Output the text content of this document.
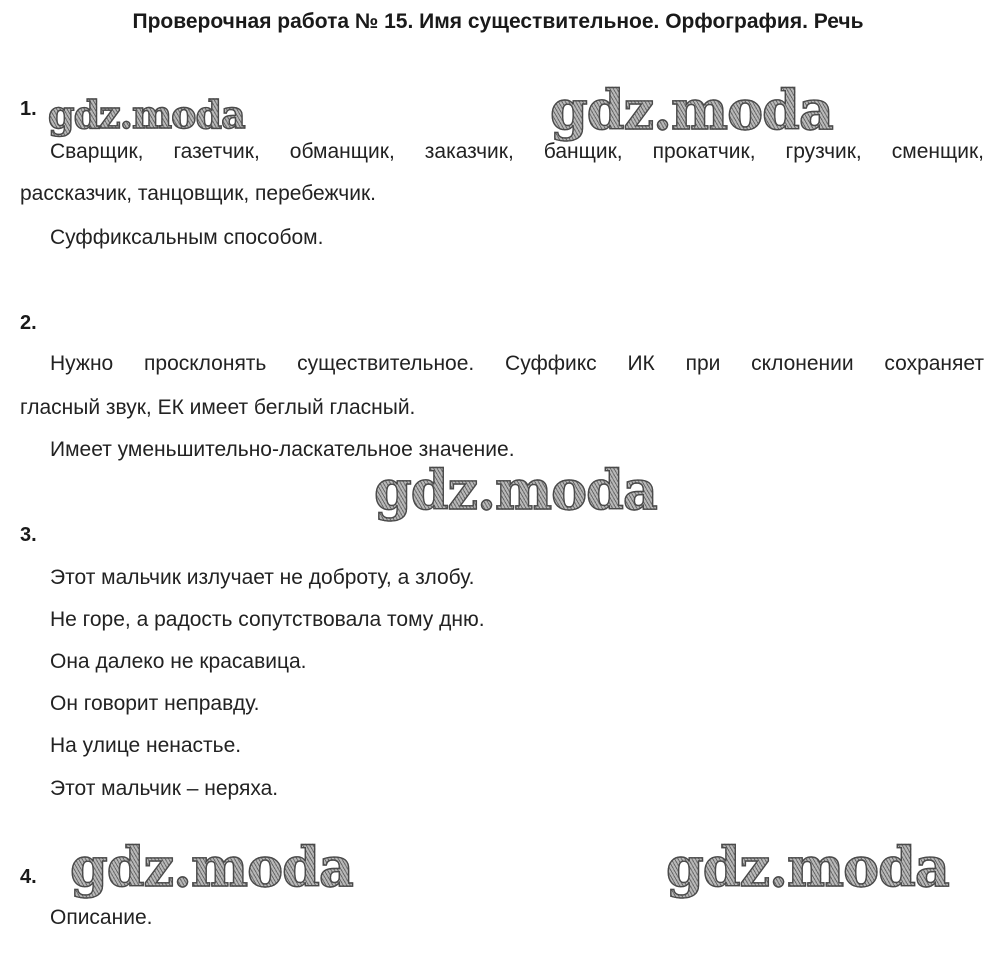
Проверочная работа № 15. Имя существительное. Орфография. Речь
gdz.moda	gdz.moda
gdz.moda
gdz.moda	gdz.moda
1.
Сварщик, газетчик, обманщик, заказчик, банщик, прокатчик, грузчик, сменщик,
рассказчик, танцовщик, перебежчик.
Суффиксальным способом.
2.
Нужно просклонять существительное. Суффикс ИК при склонении сохраняет
гласный звук, ЕК имеет беглый гласный.
Имеет уменьшительно-ласкательное значение.
3.
Этот мальчик излучает не доброту, а злобу.
Не горе, а радость сопутствовала тому дню.
Она далеко не красавица.
Он говорит неправду.
На улице ненастье.
Этот мальчик – неряха.
4.
Описание.
